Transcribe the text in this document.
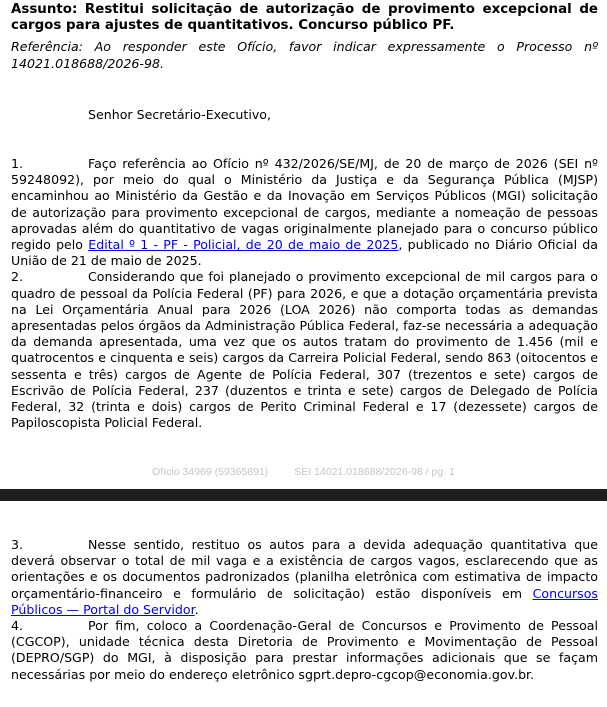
Assunto: Restitui solicitação de autorização de provimento excepcional de cargos para ajustes de quantitativos. Concurso público PF.
Referência: Ao responder este Ofício, favor indicar expressamente o Processo nº 14021.018688/2026-98.
Senhor Secretário-Executivo,
1.	Faço referência ao Ofício nº 432/2026/SE/MJ, de 20 de março de 2026 (SEI nº 59248092), por meio do qual o Ministério da Justiça e da Segurança Pública (MJSP) encaminhou ao Ministério da Gestão e da Inovação em Serviços Públicos (MGI) solicitação de autorização para provimento excepcional de cargos, mediante a nomeação de pessoas aprovadas além do quantitativo de vagas originalmente planejado para o concurso público regido pelo Edital º 1 - PF - Policial, de 20 de maio de 2025, publicado no Diário Oficial da União de 21 de maio de 2025.
2.	Considerando que foi planejado o provimento excepcional de mil cargos para o quadro de pessoal da Polícia Federal (PF) para 2026, e que a dotação orçamentária prevista na Lei Orçamentária Anual para 2026 (LOA 2026) não comporta todas as demandas apresentadas pelos órgãos da Administração Pública Federal, faz-se necessária a adequação da demanda apresentada, uma vez que os autos tratam do provimento de 1.456 (mil e quatrocentos e cinquenta e seis) cargos da Carreira Policial Federal, sendo 863 (oitocentos e sessenta e três) cargos de Agente de Polícia Federal, 307 (trezentos e sete) cargos de Escrivão de Polícia Federal, 237 (duzentos e trinta e sete) cargos de Delegado de Polícia Federal, 32 (trinta e dois) cargos de Perito Criminal Federal e 17 (dezessete) cargos de Papiloscopista Policial Federal.
Ofício 34969 (59365891) SEI 14021.018688/2026-98 / pg. 1
3.	Nesse sentido, restituo os autos para a devida adequação quantitativa que deverá observar o total de mil vaga e a existência de cargos vagos, esclarecendo que as orientações e os documentos padronizados (planilha eletrônica com estimativa de impacto orçamentário-financeiro e formulário de solicitação) estão disponíveis em Concursos Públicos — Portal do Servidor.
4.	Por fim, coloco a Coordenação-Geral de Concursos e Provimento de Pessoal (CGCOP), unidade técnica desta Diretoria de Provimento e Movimentação de Pessoal (DEPRO/SGP) do MGI, à disposição para prestar informações adicionais que se façam necessárias por meio do endereço eletrônico sgprt.depro-cgcop@economia.gov.br.
